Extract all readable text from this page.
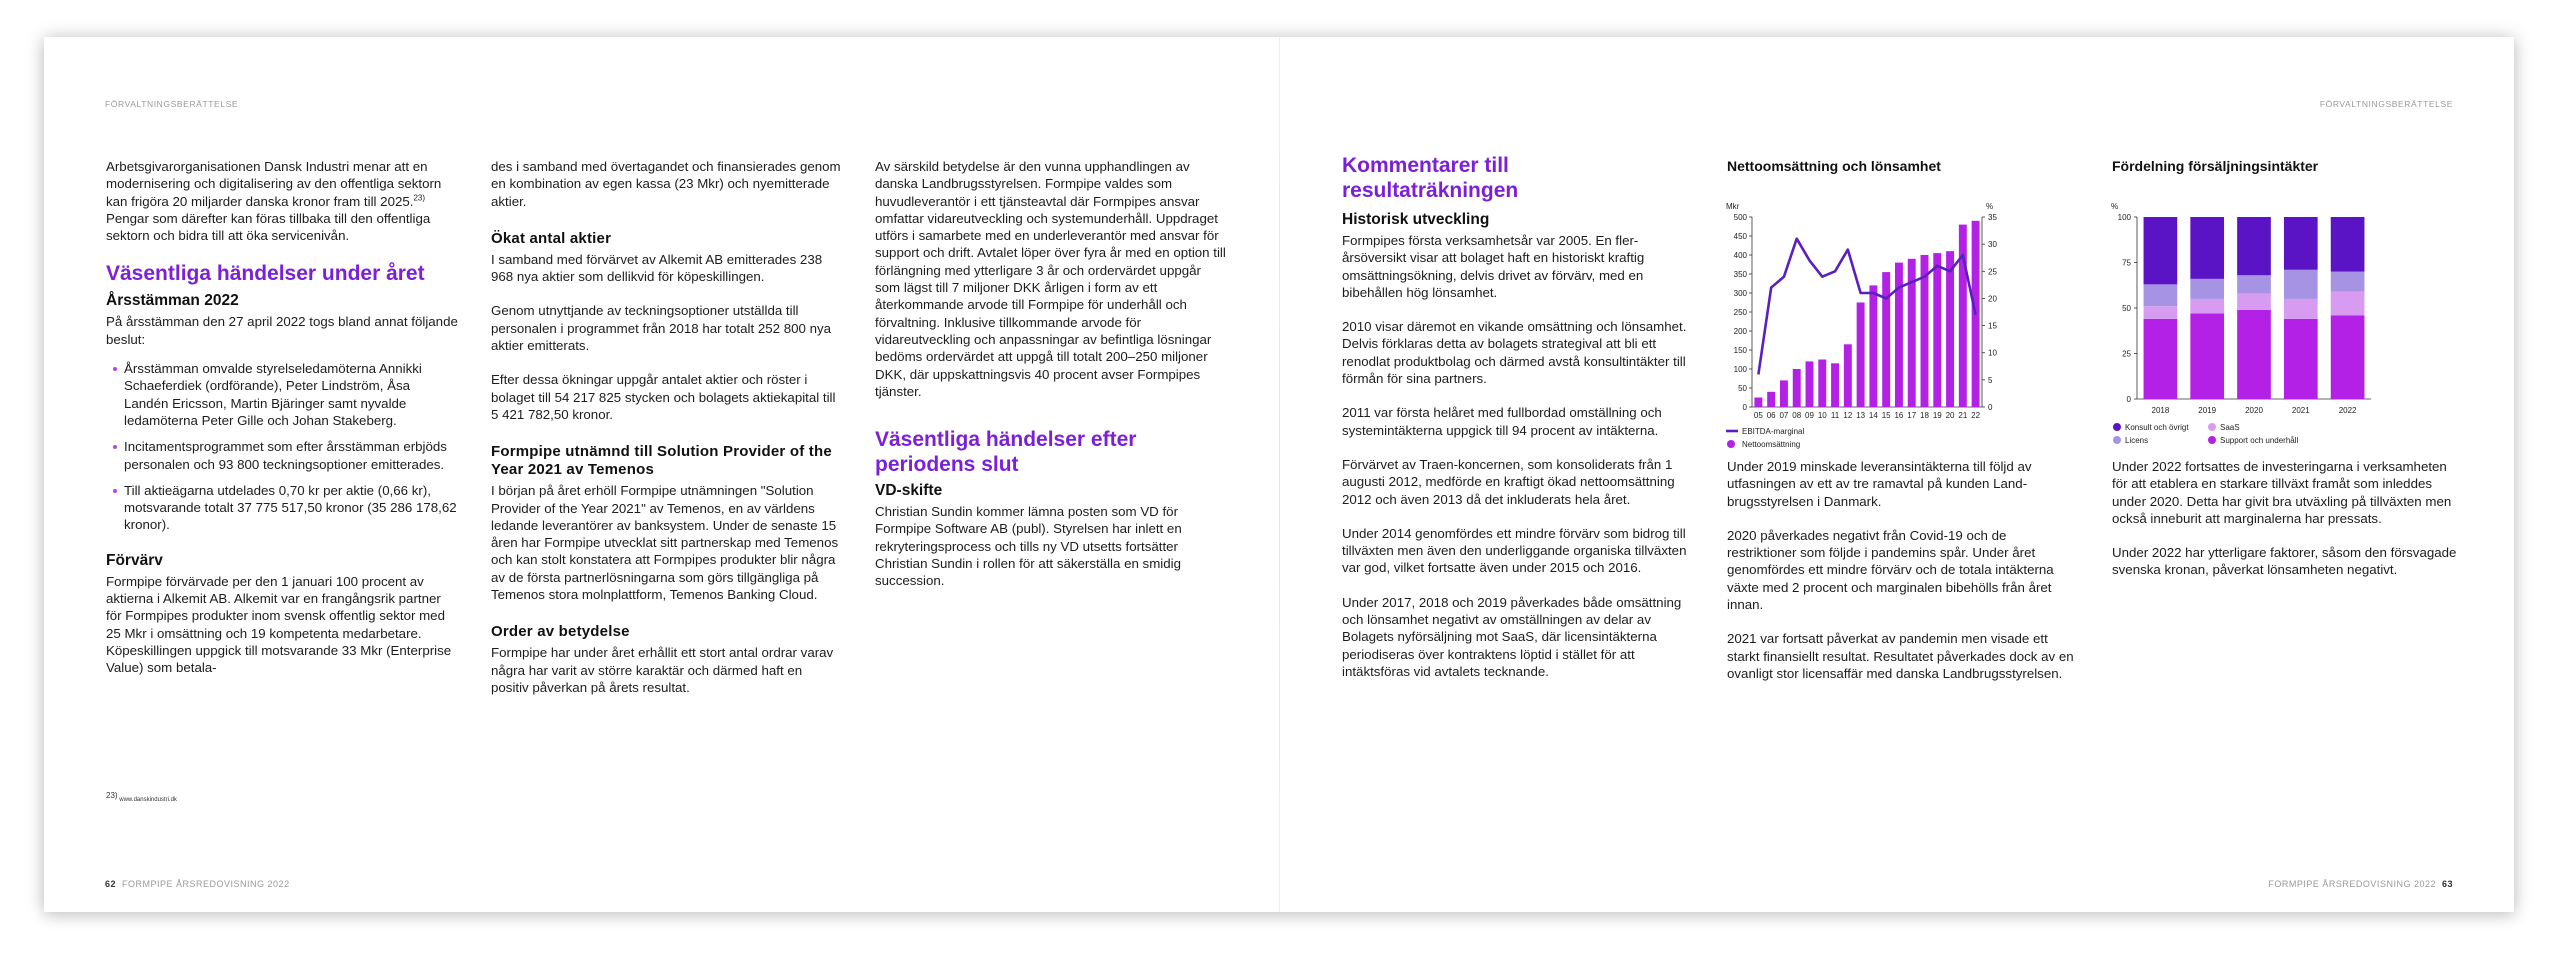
FÖRVALTNINGSBERÄTTELSE	FÖRVALTNINGSBERÄTTELSE

Arbetsgivarorganisationen Dansk Industri menar att en modernisering och digitalisering av den offentliga sektorn kan frigöra 20 miljarder danska kronor fram till 2025.$^{23)}$ Pengar som därefter kan föras tillbaka till den offentliga sektorn och bidra till att öka servicenivån.

Väsentliga händelser under året
Årsstämman 2022

På årsstämman den 27 april 2022 togs bland annat följande beslut:

Årsstämman omvalde styrelseledamöterna Annikki Schaeferdiek (ordförande), Peter Lindström, Åsa Landén Ericsson, Martin Bjäringer samt nyvalde ledamöterna Peter Gille och Johan Stakeberg.
Incitamentsprogrammet som efter årsstämman erbjöds personalen och 93 800 teckningsoptioner emitterades.
Till aktieägarna utdelades 0,70 kr per aktie (0,66 kr), motsvarande totalt 37 775 517,50 kronor (35 286 178,62 kronor).
Förvärv

Formpipe förvärvade per den 1 januari 100 procent av aktierna i Alkemit AB. Alkemit var en frangångsrik partner för Formpipes produkter inom svensk offentlig sektor med 25 Mkr i omsättning och 19 kompetenta medarbetare. Köpeskillingen uppgick till motsvarande 33 Mkr (Enterprise Value) som betala-

$^{23)}$ www.danskindustri.dk

des i samband med övertagandet och finansierades genom en kombination av egen kassa (23 Mkr) och nyemitterade aktier.

Ökat antal aktier

I samband med förvärvet av Alkemit AB emitterades 238 968 nya aktier som dellikvid för köpeskillingen.

Genom utnyttjande av teckningsoptioner utställda till personalen i programmet från 2018 har totalt 252 800 nya aktier emitterats.

Efter dessa ökningar uppgår antalet aktier och röster i bolaget till 54 217 825 stycken och bolagets aktiekapital till 5 421 782,50 kronor.

Formpipe utnämnd till Solution Provider of the Year 2021 av Temenos

I början på året erhöll Formpipe utnämningen "Solution Provider of the Year 2021" av Temenos, en av världens ledande leverantörer av banksystem. Under de senaste 15 åren har Formpipe utvecklat sitt partnerskap med Temenos och kan stolt konstatera att Formpipes produkter blir några av de första partnerlösningarna som görs tillgängliga på Temenos stora molnplattform, Temenos Banking Cloud.

Order av betydelse

Formpipe har under året erhållit ett stort antal ordrar varav några har varit av större karaktär och därmed haft en positiv påverkan på årets resultat.

Av särskild betydelse är den vunna upphandlingen av danska Landbrugsstyrelsen. Formpipe valdes som huvudleverantör i ett tjänsteavtal där Formpipes ansvar omfattar vidareutveckling och systemunderhåll. Uppdraget utförs i samarbete med en underleverantör med ansvar för support och drift. Avtalet löper över fyra år med en option till förlängning med ytterligare 3 år och ordervärdet uppgår som lägst till 7 miljoner DKK årligen i form av ett återkommande arvode till Formpipe för underhåll och förvaltning. Inklusive tillkommande arvode för vidareutveckling och anpassningar av befintliga lösningar bedöms ordervärdet att uppgå till totalt 200–250 miljoner DKK, där uppskattningsvis 40 procent avser Formpipes tjänster.

Väsentliga händelser efter periodens slut
VD-skifte

Christian Sundin kommer lämna posten som VD för Formpipe Software AB (publ). Styrelsen har inlett en rekryteringsprocess och tills ny VD utsetts fortsätter Christian Sundin i rollen för att säkerställa en smidig succession.

Kommentarer till resultaträkningen
Historisk utveckling

Formpipes första verksamhetsår var 2005. En flerårsöversikt visar att bolaget haft en historiskt kraftig omsättningsökning, delvis drivet av förvärv, med en bibehållen hög lönsamhet.

2010 visar däremot en vikande omsättning och lönsamhet. Delvis förklaras detta av bolagets strategival att bli ett renodlat produktbolag och därmed avstå konsultintäkter till förmån för sina partners.

2011 var första helåret med fullbordad omställning och systemintäkterna uppgick till 94 procent av intäkterna.

Förvärvet av Traen-koncernen, som konsoliderats från 1 augusti 2012, medförde en kraftigt ökad nettoomsättning 2012 och även 2013 då det inkluderats hela året.

Under 2014 genomfördes ett mindre förvärv som bidrog till tillväxten men även den underliggande organiska tillväxten var god, vilket fortsatte även under 2015 och 2016.

Under 2017, 2018 och 2019 påverkades både omsättning och lönsamhet negativt av omställningen av delar av Bolagets nyförsäljning mot SaaS, där licensintäkterna periodiseras över kontraktens löptid i stället för att intäktsföras vid avtalets tecknande.

Nettoomsättning och lönsamhet
Mkr	%
0
50
100
150
200
250
300
350
400
450
500
0
5
10
15
20
25
30
35
05 06 07 08 09 10 11 12 13 14 15 16 17 18 19 20 21 22
EBITDA-marginal
Nettoomsättning
Fördelning försäljningsintäkter
%
0
25
50
75
100
2018	2019	2020	2021	2022
Konsult och övrigt	SaaS
Licens	Support och underhåll

Under 2019 minskade leveransintäkterna till följd av utfasningen av ett av tre ramavtal på kunden Landbrugsstyrelsen i Danmark.

2020 påverkades negativt från Covid-19 och de restriktioner som följde i pandemins spår. Under året genomfördes ett mindre förvärv och de totala intäkterna växte med 2 procent och marginalen bibehölls från året innan.

2021 var fortsatt påverkat av pandemin men visade ett starkt finansiellt resultat. Resultatet påverkades dock av en ovanligt stor licensaffär med danska Landbrugsstyrelsen.

Under 2022 fortsattes de investeringarna i verksamheten för att etablera en starkare tillväxt framåt som inleddes under 2020. Detta har givit bra utväxling på tillväxten men också inneburit att marginalerna har pressats.

Under 2022 har ytterligare faktorer, såsom den försvagade svenska kronan, påverkat lönsamheten negativt.

62 FORMPIPE ÅRSREDOVISNING 2022	FORMPIPE ÅRSREDOVISNING 2022 63
